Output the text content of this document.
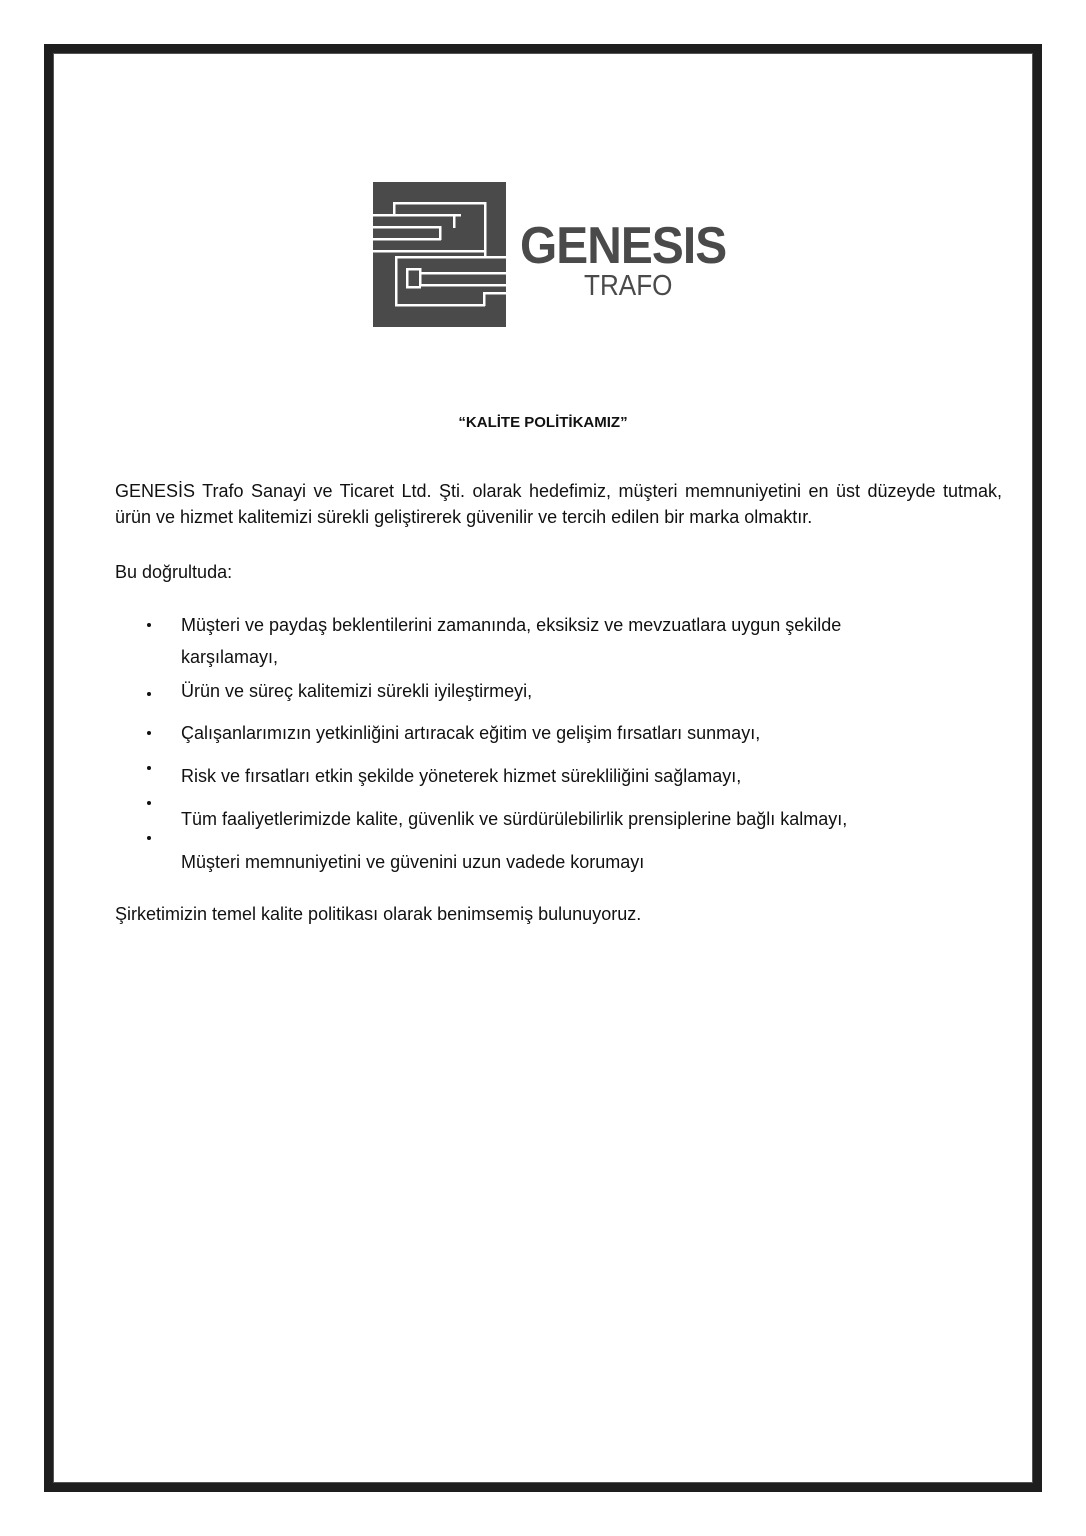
GENESIS
TRAFO
“KALİTE POLİTİKAMIZ”
GENESİS Trafo Sanayi ve Ticaret Ltd. Şti. olarak hedefimiz, müşteri memnuniyetini en üst düzeyde tutmak, ürün ve hizmet kalitemizi sürekli geliştirerek güvenilir ve tercih edilen bir marka olmaktır.
Bu doğrultuda:
Müşteri ve paydaş beklentilerini zamanında, eksiksiz ve mevzuatlara uygun şekilde
karşılamayı,
Ürün ve süreç kalitemizi sürekli iyileştirmeyi,
Çalışanlarımızın yetkinliğini artıracak eğitim ve gelişim fırsatları sunmayı,
Risk ve fırsatları etkin şekilde yöneterek hizmet sürekliliğini sağlamayı,
Tüm faaliyetlerimizde kalite, güvenlik ve sürdürülebilirlik prensiplerine bağlı kalmayı,
Müşteri memnuniyetini ve güvenini uzun vadede korumayı
Şirketimizin temel kalite politikası olarak benimsemiş bulunuyoruz.
